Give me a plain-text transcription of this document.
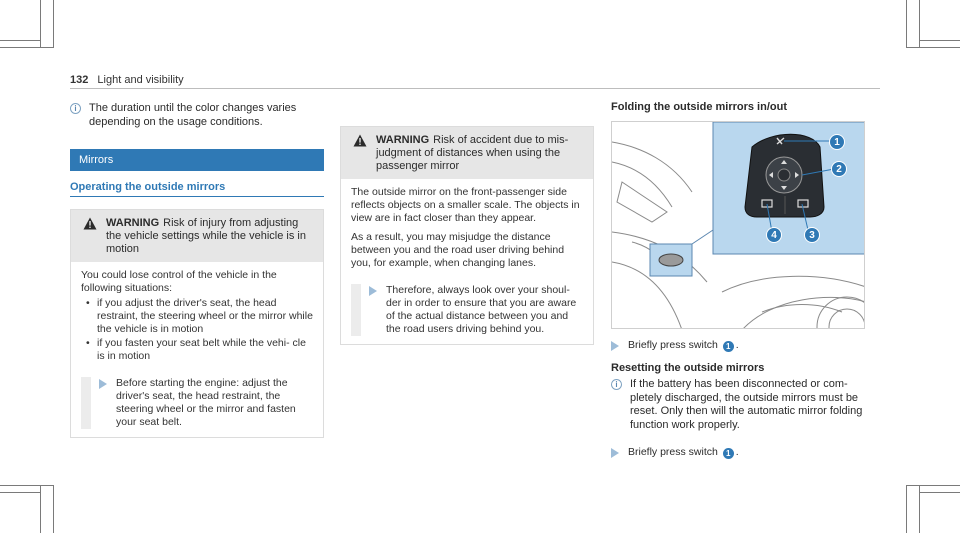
132 Light and visibility
i	The duration until the color changes varies depending on the usage conditions.
Mirrors
Operating the outside mirrors
WARNING Risk of injury from adjusting the vehicle settings while the vehicle is in motion

You could lose control of the vehicle in the following situations:

• if you adjust the driver's seat, the head restraint, the steering wheel or the mirror while the vehicle is in motion
• if you fasten your seat belt while the vehi- cle is in motion
Before starting the engine: adjust the driver's seat, the head restraint, the steering wheel or the mirror and fasten your seat belt.
WARNING Risk of accident due to mis- judgment of distances when using the passenger mirror

The outside mirror on the front-passenger side reflects objects on a smaller scale. The objects in view are in fact closer than they appear.

As a result, you may misjudge the distance between you and the road user driving behind you, for example, when changing lanes.

Therefore, always look over your shoul- der in order to ensure that you are aware of the actual distance between you and the road users driving behind you.
Folding the outside mirrors in/out
1
2
3
4
Briefly press switch 1 .
Resetting the outside mirrors
i	If the battery has been disconnected or com- pletely discharged, the outside mirrors must be reset. Only then will the automatic mirror folding function work properly.
Briefly press switch 1 .
